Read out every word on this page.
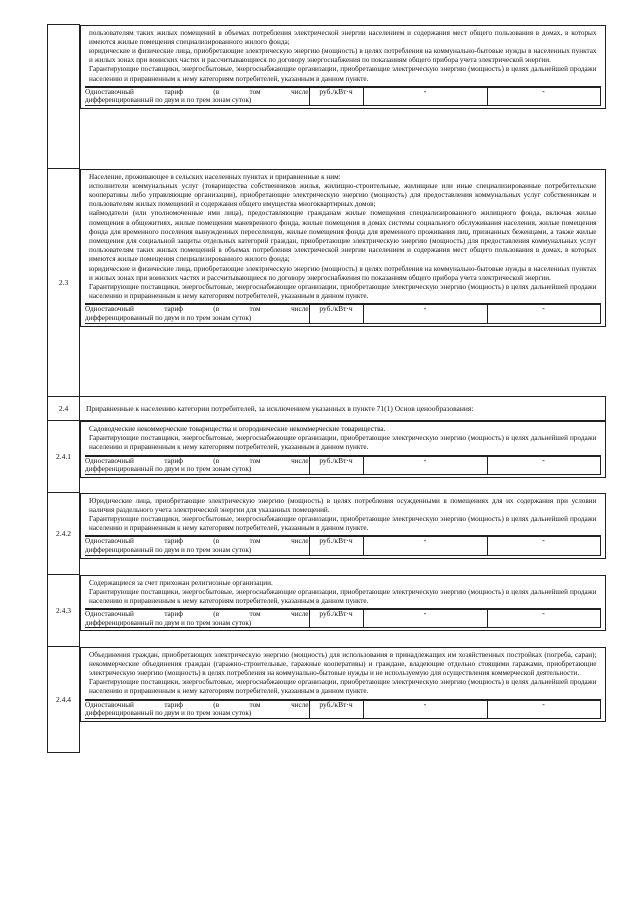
пользователям таких жилых помещений в объемах потребления электрической энергии населением и содержания мест общего пользования в домах, в которых имеются жилые помещения специализированного жилого фонда;
юридические и физические лица, приобретающие электрическую энергию (мощность) в целях потребления на коммунально-бытовые нужды в населенных пунктах и жилых зонах при воинских частях и рассчитывающиеся по договору энергоснабжения по показаниям общего прибора учета электрической энергии.
Гарантирующие поставщики, энергосбытовые, энергоснабжающие организации, приобретающие электрическую энергию (мощность) в целях дальнейшей продажи населению и приравненным к нему категориям потребителей, указанным в данном пункте.
Одноставочный тариф (в том числе
дифференцированный по двум и по трем зонам суток)
	руб./кВт·ч	-	-

2.3	
Население, проживающее в сельских населенных пунктах и приравненные к ним:
исполнители коммунальных услуг (товарищества собственников жилья, жилищно-строительные, жилищные или иные специализированные потребительские кооперативы либо управляющие организации), приобретающие электрическую энергию (мощность) для предоставления коммунальных услуг собственникам и пользователям жилых помещений и содержания общего имущества многоквартирных домов;
наймодатели (или уполномоченные ими лица), предоставляющие гражданам жилые помещения специализированного жилищного фонда, включая жилые помещения в общежитиях, жилые помещения маневренного фонда, жилые помещения в домах системы социального обслуживания населения, жилые помещения фонда для временного поселения вынужденных переселенцев, жилые помещения фонда для временного проживания лиц, признанных беженцами, а также жилые помещения для социальной защиты отдельных категорий граждан, приобретающие электрическую энергию (мощность) для предоставления коммунальных услуг пользователям таких жилых помещений в объемах потребления электрической энергии населением и содержания мест общего пользования в домах, в которых имеются жилые помещения специализированного жилого фонда;
юридические и физические лица, приобретающие электрическую энергию (мощность) в целях потребления на коммунально-бытовые нужды в населенных пунктах и жилых зонах при воинских частях и рассчитывающиеся по договору энергоснабжения по показаниям общего прибора учета электрической энергии.
Гарантирующие поставщики, энергосбытовые, энергоснабжающие организации, приобретающие электрическую энергию (мощность) в целях дальнейшей продажи населению и приравненным к нему категориям потребителей, указанным в данном пункте.
Одноставочный тариф (в том числе
дифференцированный по двум и по трем зонам суток)
	руб./кВт·ч	-	-

2.4	Приравненные к населению категории потребителей, за исключением указанных в пункте 71(1) Основ ценообразования:

2.4.1	
Садоводческие некоммерческие товарищества и огороднические некоммерческие товарищества.
Гарантирующие поставщики, энергосбытовые, энергоснабжающие организации, приобретающие электрическую энергию (мощность) в целях дальнейшей продажи населению и приравненным к нему категориям потребителей, указанным в данном пункте.
Одноставочный тариф (в том числе
дифференцированный по двум и по трем зонам суток)
	руб./кВт·ч	-	-

2.4.2	
Юридические лица, приобретающие электрическую энергию (мощность) в целях потребления осужденными в помещениях для их содержания при условии наличия раздельного учета электрической энергии для указанных помещений.
Гарантирующие поставщики, энергосбытовые, энергоснабжающие организации, приобретающие электрическую энергию (мощность) в целях дальнейшей продажи населению и приравненным к нему категориям потребителей, указанным в данном пункте.
Одноставочный тариф (в том числе
дифференцированный по двум и по трем зонам суток)
	руб./кВт·ч	-	-

2.4.3	
Содержащиеся за счет прихожан религиозные организации.
Гарантирующие поставщики, энергосбытовые, энергоснабжающие организации, приобретающие электрическую энергию (мощность) в целях дальнейшей продажи населению и приравненным к нему категориям потребителей, указанным в данном пункте.
Одноставочный тариф (в том числе
дифференцированный по двум и по трем зонам суток)
	руб./кВт·ч	-	-

2.4.4	
Объединения граждан, приобретающих электрическую энергию (мощность) для использования в принадлежащих им хозяйственных постройках (погреба, сараи); некоммерческие объединения граждан (гаражно-строительные, гаражные кооперативы) и граждане, владеющие отдельно стоящими гаражами, приобретающие электрическую энергию (мощность) в целях потребления на коммунально-бытовые нужды и не используемую для осуществления коммерческой деятельности.
Гарантирующие поставщики, энергосбытовые, энергоснабжающие организации, приобретающие электрическую энергию (мощность) в целях дальнейшей продажи населению и приравненным к нему категориям потребителей, указанным в данном пункте.
Одноставочный тариф (в том числе
дифференцированный по двум и по трем зонам суток)
	руб./кВт·ч	-	-
